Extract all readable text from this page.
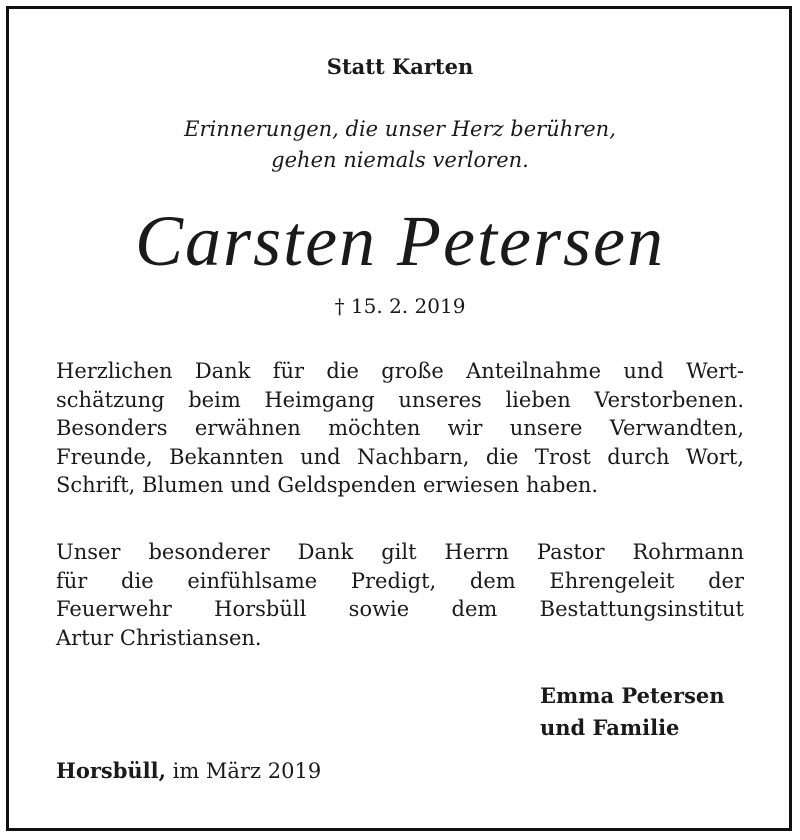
Statt Karten
Erinnerungen, die unser Herz berühren,
gehen niemals verloren.
Carsten Petersen
† 15. 2. 2019
Herzlichen Dank für die große Anteilnahme und Wert-
schätzung beim Heimgang unseres lieben Verstorbenen.
Besonders erwähnen möchten wir unsere Verwandten,
Freunde, Bekannten und Nachbarn, die Trost durch Wort,
Schrift, Blumen und Geldspenden erwiesen haben.
Unser besonderer Dank gilt Herrn Pastor Rohrmann
für die einfühlsame Predigt, dem Ehrengeleit der
Feuerwehr Horsbüll sowie dem Bestattungsinstitut
Artur Christiansen.
Emma Petersen
und Familie
Horsbüll, im März 2019
